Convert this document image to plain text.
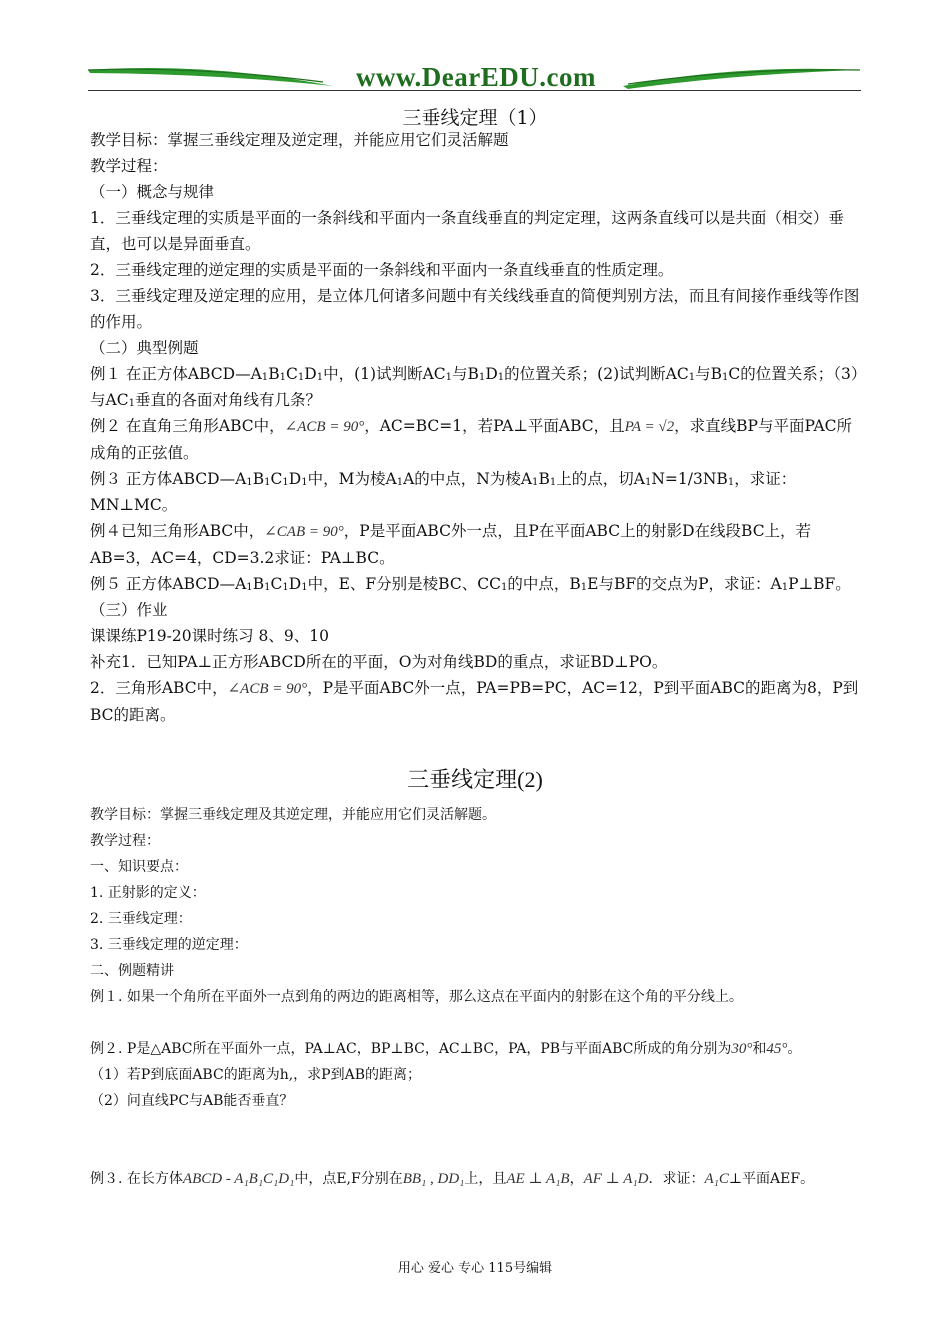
www.DearEDU.com
三垂线定理（1）

教学目标：掌握三垂线定理及逆定理，并能应用它们灵活解题

教学过程：

（一）概念与规律

1．三垂线定理的实质是平面的一条斜线和平面内一条直线垂直的判定定理，这两条直线可以是共面（相交）垂直，也可以是异面垂直。

2．三垂线定理的逆定理的实质是平面的一条斜线和平面内一条直线垂直的性质定理。

3．三垂线定理及逆定理的应用，是立体几何诸多问题中有关线线垂直的简便判别方法，而且有间接作垂线等作图的作用。

（二）典型例题

例１ 在正方体$ABCD—A_1B_1C_1D_1$中，(1)试判断$AC_1$与$B_1D_1$的位置关系；(2)试判断$AC_1$与$B_1C$的位置关系；（3）与$AC_1$垂直的各面对角线有几条？

例２ 在直角三角形ABC中，∠ACB = 90°，AC=BC=1，若PA⊥平面ABC，且PA = √2，求直线BP与平面PAC所成角的正弦值。

例３ 正方体$ABCD—A_1B_1C_1D_1$中，M为棱$A_1A$的中点，N为棱$A_1B_1$上的点，切$A_1N=1/3NB_1$，求证：MN⊥MC。

例４已知三角形ABC中，∠CAB = 90°，P是平面ABC外一点，且P在平面ABC上的射影D在线段BC上，若AB=3，AC=4，CD=3.2求证：PA⊥BC。

例５ 正方体$ABCD—A_1B_1C_1D_1$中，E、F分别是棱BC、$CC_1$的中点，$B_1E$与BF的交点为P，求证：$A_1P\perp BF$。

（三）作业

课课练P19-20课时练习 8、9、10

补充1．已知PA⊥正方形ABCD所在的平面，O为对角线BD的重点，求证BD⊥PO。

2．三角形ABC中，∠ACB = 90°，P是平面ABC外一点，PA=PB=PC，AC=12，P到平面ABC的距离为8，P到BC的距离。

三垂线定理(2)

教学目标：掌握三垂线定理及其逆定理，并能应用它们灵活解题。

教学过程：

一、知识要点：

1. 正射影的定义：

2. 三垂线定理：

3. 三垂线定理的逆定理：

二、例题精讲

例１. 如果一个角所在平面外一点到角的两边的距离相等，那么这点在平面内的射影在这个角的平分线上。

例２. P是△ABC所在平面外一点，PA⊥AC，BP⊥BC，AC⊥BC，PA，PB与平面ABC所成的角分别为30°和45°。

（1）若P到底面ABC的距离为h,，求P到AB的距离；

（2）问直线PC与AB能否垂直？

例３. 在长方体ABCD - A₁B₁C₁D₁中，点E,F分别在BB₁ , DD₁上，且AE ⊥ A₁B，AF ⊥ A₁D．求证：A₁C⊥平面AEF。

用心 爱心 专心 115号编辑
